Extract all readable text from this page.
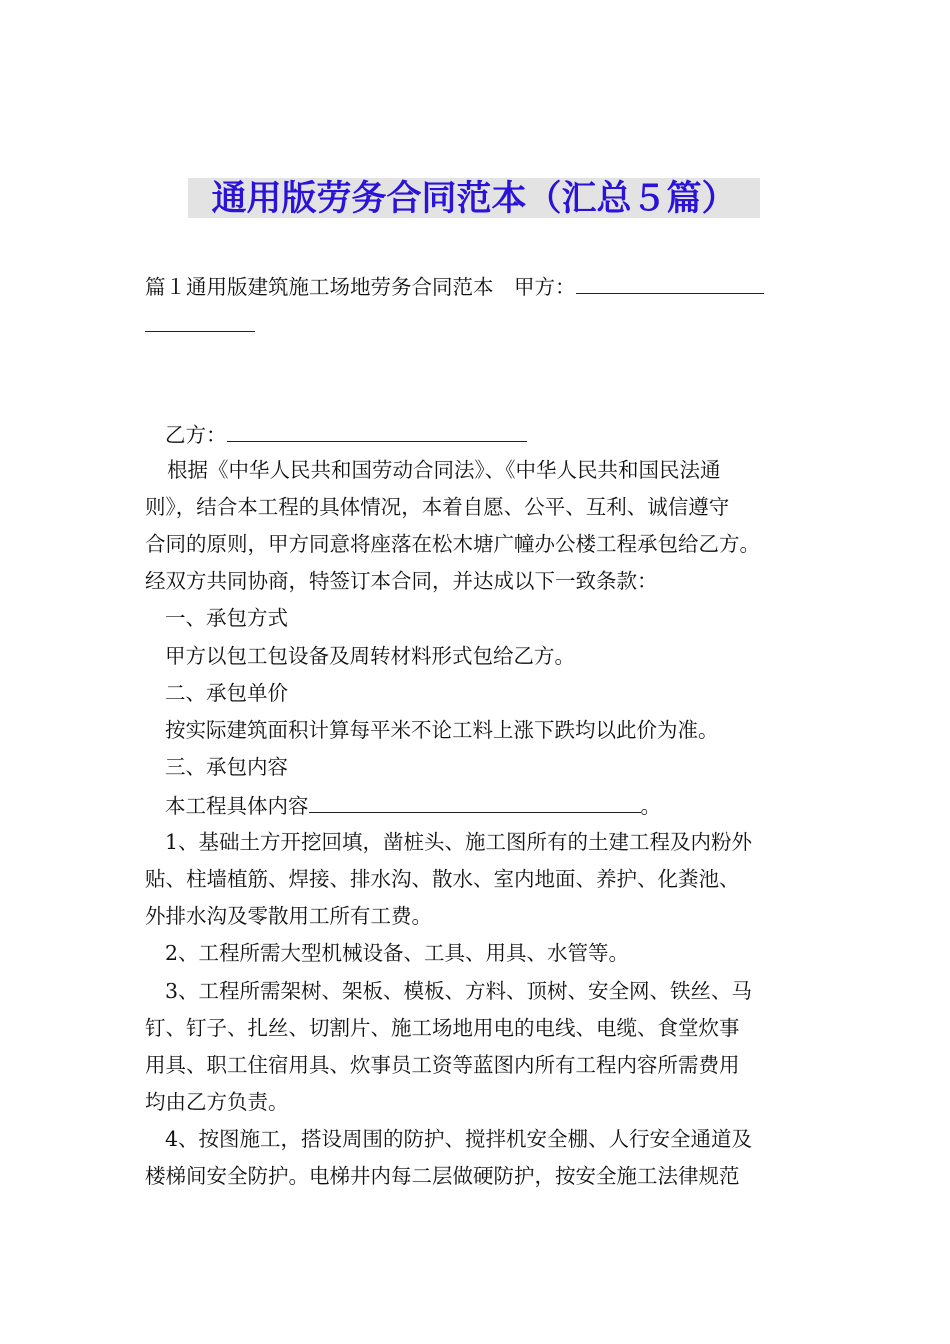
通用版劳务合同范本（汇总５篇）
篇１通用版建筑施工场地劳务合同范本　甲方：
乙方：
根据《中华人民共和国劳动合同法》、《中华人民共和国民法通
则》，结合本工程的具体情况，本着自愿、公平、互利、诚信遵守
合同的原则，甲方同意将座落在松木塘广幢办公楼工程承包给乙方。
经双方共同协商，特签订本合同，并达成以下一致条款：
一、承包方式
甲方以包工包设备及周转材料形式包给乙方。
二、承包单价
按实际建筑面积计算每平米不论工料上涨下跌均以此价为准。
三、承包内容
本工程具体内容	。
1、基础土方开挖回填，凿桩头、施工图所有的土建工程及内粉外
贴、柱墙植筋、焊接、排水沟、散水、室内地面、养护、化粪池、
外排水沟及零散用工所有工费。
2、工程所需大型机械设备、工具、用具、水管等。
3、工程所需架树、架板、模板、方料、顶树、安全网、铁丝、马
钉、钉子、扎丝、切割片、施工场地用电的电线、电缆、食堂炊事
用具、职工住宿用具、炊事员工资等蓝图内所有工程内容所需费用
均由乙方负责。
4、按图施工，搭设周围的防护、搅拌机安全棚、人行安全通道及
楼梯间安全防护。电梯井内每二层做硬防护，按安全施工法律规范
